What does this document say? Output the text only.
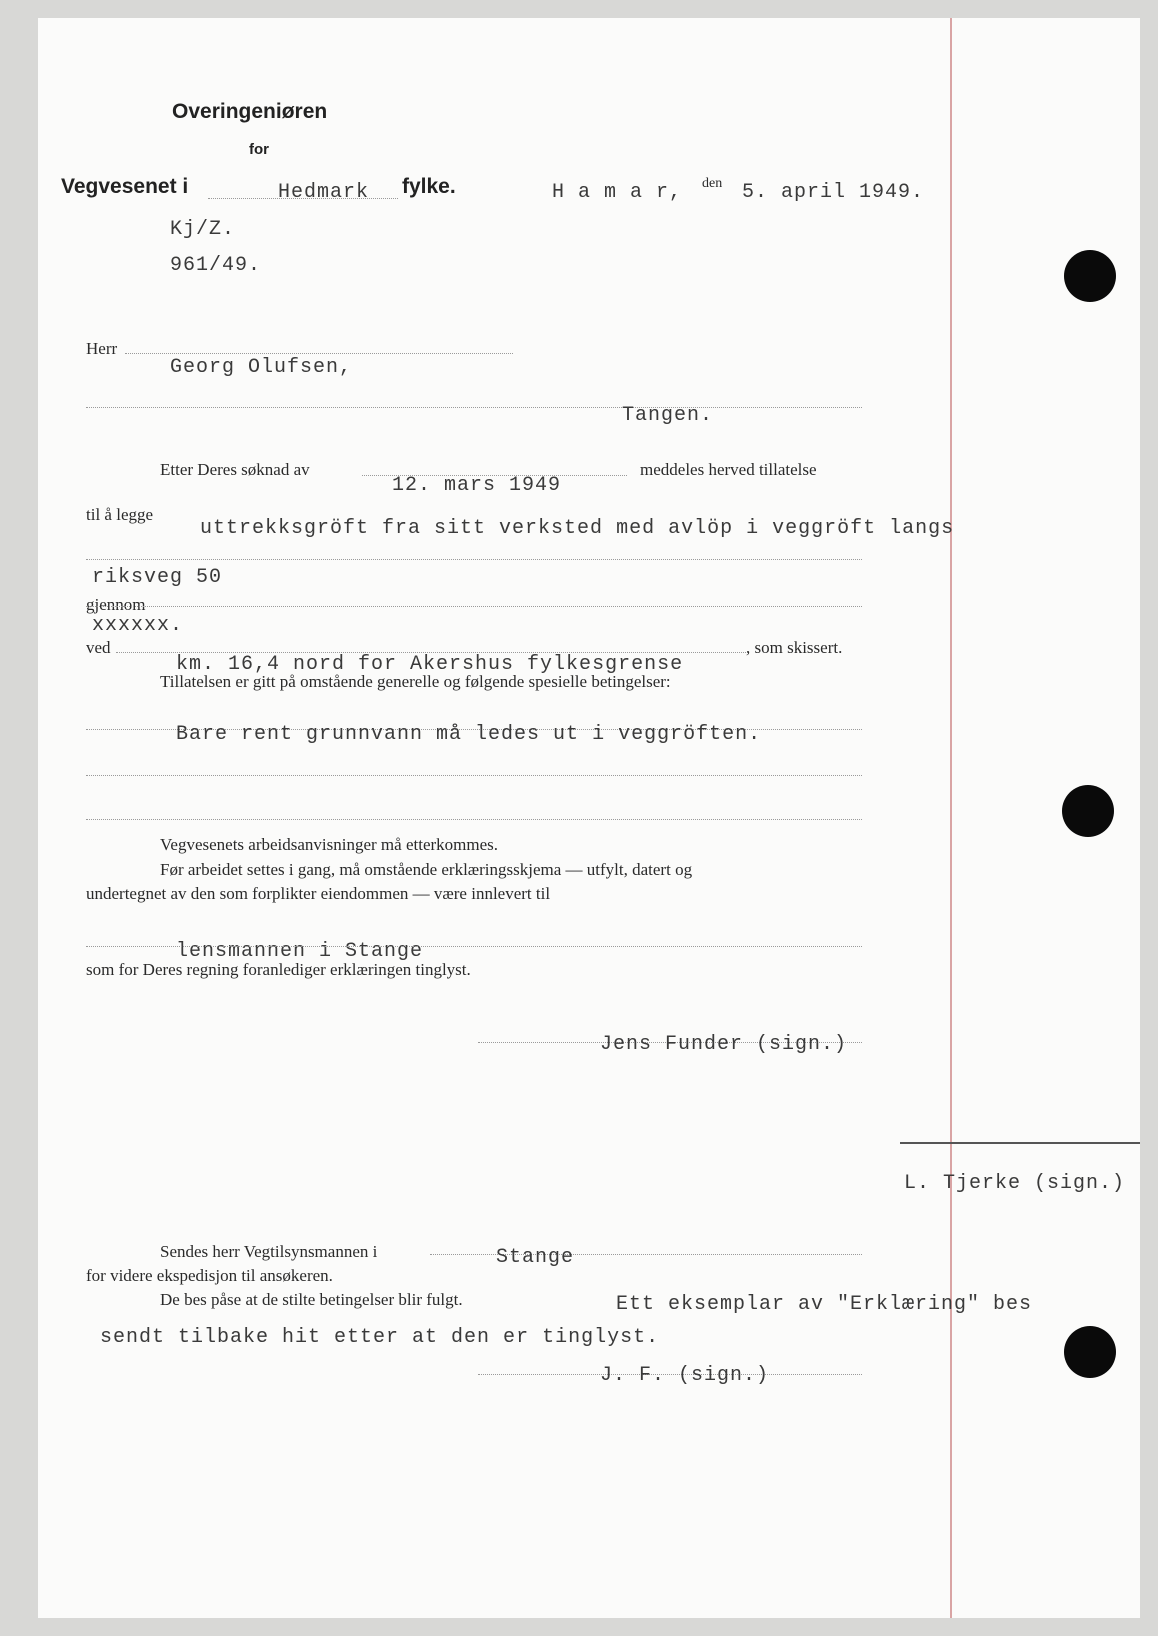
Overingeniøren
for
Vegvesenet i	Hedmark fylke.	H a m a r, den 5. april 1949.
Kj/Z.
961/49.
Herr
Georg Olufsen,
Tangen.
Etter Deres søknad av
12. mars 1949
meddeles herved tillatelse
til å legge
uttrekksgröft fra sitt verksted med avlöp i veggröft langs
riksveg 50
gjennom
xxxxxx.
ved	, som skissert.
km. 16,4 nord for Akershus fylkesgrense
Tillatelsen er gitt på omstående generelle og følgende spesielle betingelser:
Bare rent grunnvann må ledes ut i veggröften.
Vegvesenets arbeidsanvisninger må etterkommes.
Før arbeidet settes i gang, må omstående erklæringsskjema — utfylt, datert og
undertegnet av den som forplikter eiendommen — være innlevert til
lensmannen i Stange
som for Deres regning foranlediger erklæringen tinglyst.
Jens Funder (sign.)
L. Tjerke (sign.)
Sendes herr Vegtilsynsmannen i	Stange
for videre ekspedisjon til ansøkeren.
De bes påse at de stilte betingelser blir fulgt.	Ett eksemplar av "Erklæring" bes
sendt tilbake hit etter at den er tinglyst.
J. F. (sign.)
